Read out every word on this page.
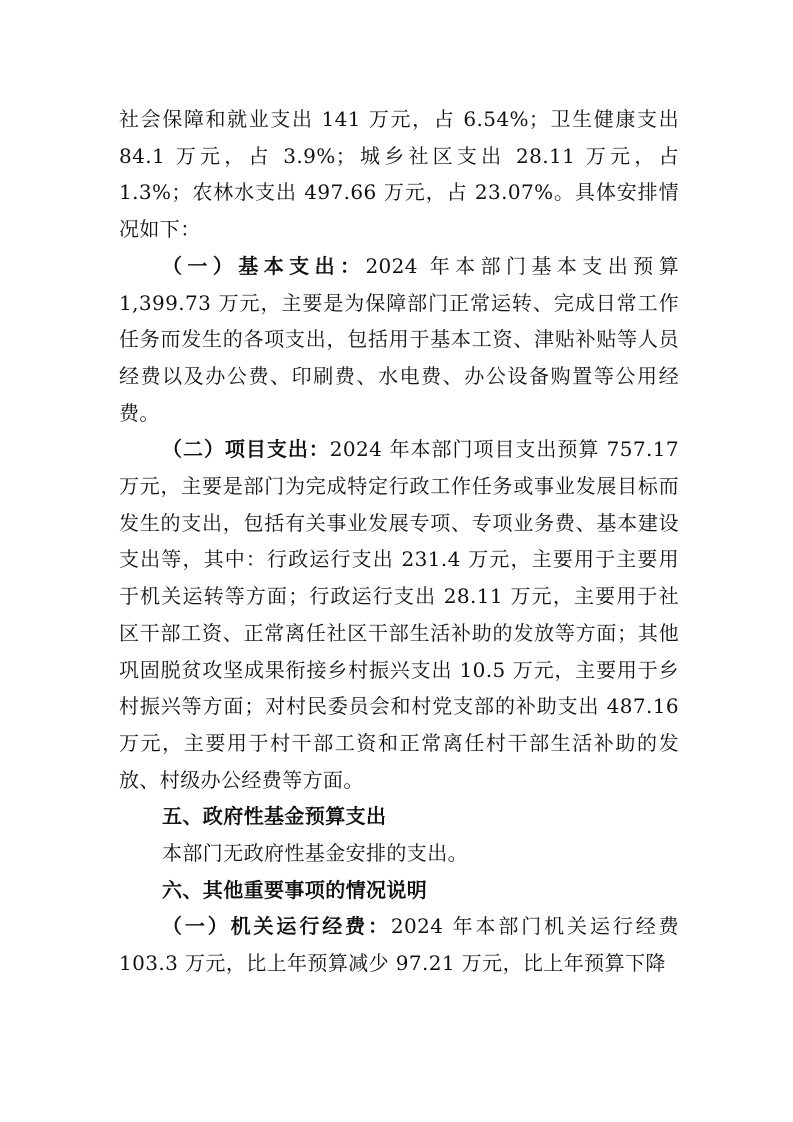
社会保障和就业支出 141 万元，占 6.54%；卫生健康支出 84.1 万元，占 3.9%；城乡社区支出 28.11 万元，占 1.3%；农林水支出 497.66 万元，占 23.07%。具体安排情况如下：

（一）基本支出：2024 年本部门基本支出预算 1,399.73 万元，主要是为保障部门正常运转、完成日常工作任务而发生的各项支出，包括用于基本工资、津贴补贴等人员经费以及办公费、印刷费、水电费、办公设备购置等公用经费。

（二）项目支出：2024 年本部门项目支出预算 757.17 万元，主要是部门为完成特定行政工作任务或事业发展目标而发生的支出，包括有关事业发展专项、专项业务费、基本建设支出等，其中：行政运行支出 231.4 万元，主要用于主要用于机关运转等方面；行政运行支出 28.11 万元，主要用于社区干部工资、正常离任社区干部生活补助的发放等方面；其他巩固脱贫攻坚成果衔接乡村振兴支出 10.5 万元，主要用于乡村振兴等方面；对村民委员会和村党支部的补助支出 487.16 万元，主要用于村干部工资和正常离任村干部生活补助的发放、村级办公经费等方面。

五、政府性基金预算支出

本部门无政府性基金安排的支出。

六、其他重要事项的情况说明

（一）机关运行经费：2024 年本部门机关运行经费 103.3 万元，比上年预算减少 97.21 万元，比上年预算下降
